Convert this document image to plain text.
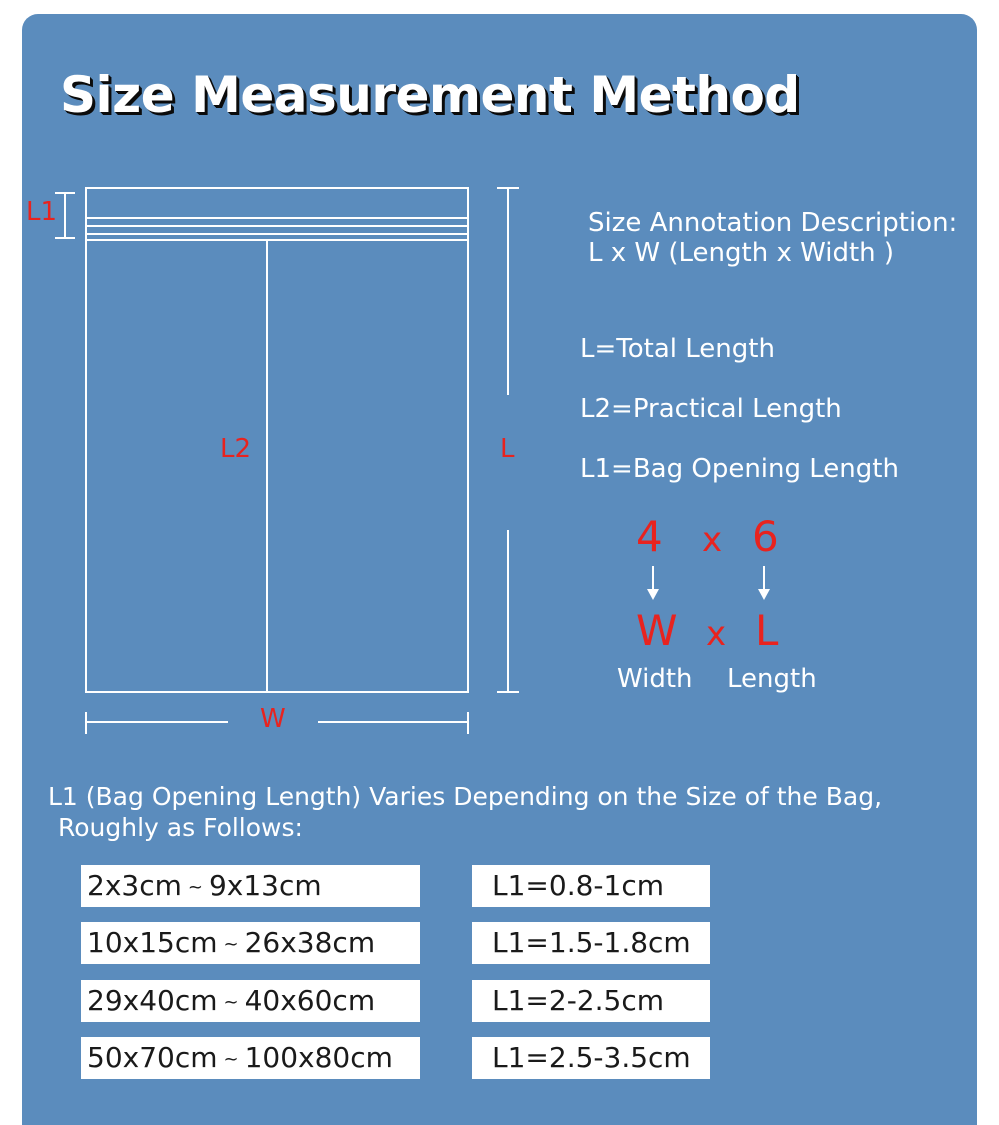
Size Measurement Method
L1
L2	L
W
Size Annotation Description:
L x W (Length x Width )
L=Total Length
L2=Practical Length
L1=Bag Opening Length
4 x 6
W x L
Width Length
L1 (Bag Opening Length) Varies Depending on the Size of the Bag,
Roughly as Follows:
2x3cm ~ 9x13cm	L1=0.8-1cm
10x15cm ~ 26x38cm	L1=1.5-1.8cm
29x40cm ~ 40x60cm	L1=2-2.5cm
50x70cm ~ 100x80cm	L1=2.5-3.5cm
